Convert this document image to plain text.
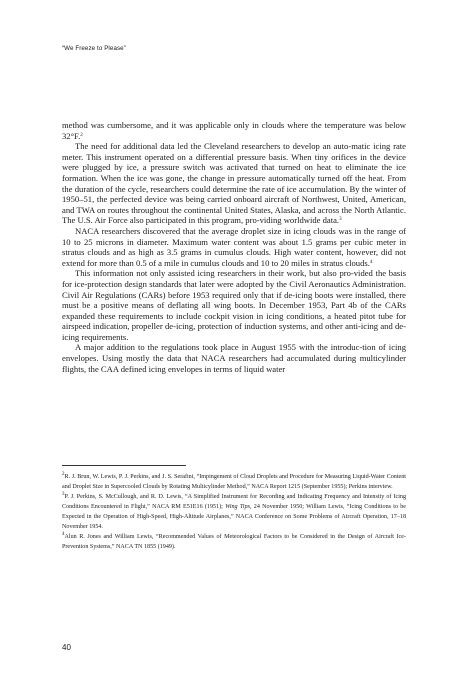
“We Freeze to Please”

method was cumbersome, and it was applicable only in clouds where the temperature was below 32°F.$^2$

The need for additional data led the Cleveland researchers to develop an auto-matic icing rate meter. This instrument operated on a differential pressure basis. When tiny orifices in the device were plugged by ice, a pressure switch was activated that turned on heat to eliminate the ice formation. When the ice was gone, the change in pressure automatically turned off the heat. From the duration of the cycle, researchers could determine the rate of ice accumulation. By the winter of 1950–51, the perfected device was being carried onboard aircraft of Northwest, United, American, and TWA on routes throughout the continental United States, Alaska, and across the North Atlantic. The U.S. Air Force also participated in this program, pro-viding worldwide data.$^3$

NACA researchers discovered that the average droplet size in icing clouds was in the range of 10 to 25 microns in diameter. Maximum water content was about 1.5 grams per cubic meter in stratus clouds and as high as 3.5 grams in cumulus clouds. High water content, however, did not extend for more than 0.5 of a mile in cumulus clouds and 10 to 20 miles in stratus clouds.$^4$

This information not only assisted icing researchers in their work, but also pro-vided the basis for ice-protection design standards that later were adopted by the Civil Aeronautics Administration. Civil Air Regulations (CARs) before 1953 required only that if de-icing boots were installed, there must be a positive means of deflating all wing boots. In December 1953, Part 4b of the CARs expanded these requirements to include cockpit vision in icing conditions, a heated pitot tube for airspeed indication, propeller de-icing, protection of induction systems, and other anti-icing and de-icing requirements.

A major addition to the regulations took place in August 1955 with the introduc-tion of icing envelopes. Using mostly the data that NACA researchers had accumulated during multicylinder flights, the CAA defined icing envelopes in terms of liquid water

$^2$R. J. Brun, W. Lewis, P. J. Perkins, and J. S. Serafini, “Impingement of Cloud Droplets and Procedure for Measuring Liquid-Water Content and Droplet Size in Supercooled Clouds by Rotating Multicylinder Method,” NACA Report 1215 (September 1955); Perkins interview.

$^3$P. J. Perkins, S. McCullough, and R. D. Lewis, “A Simplified Instrument for Recording and Indicating Frequency and Intensity of Icing Conditions Encountered in Flight,” NACA RM E51E16 (1951); Wing Tips, 24 November 1950; William Lewis, “Icing Conditions to be Expected in the Operation of High-Speed, High-Altitude Airplanes,” NACA Conference on Some Problems of Aircraft Operation, 17–18 November 1954.

$^4$Alun R. Jones and William Lewis, “Recommended Values of Meteorological Factors to be Considered in the Design of Aircraft Ice-Prevention Systems,” NACA TN 1855 (1949).

40
